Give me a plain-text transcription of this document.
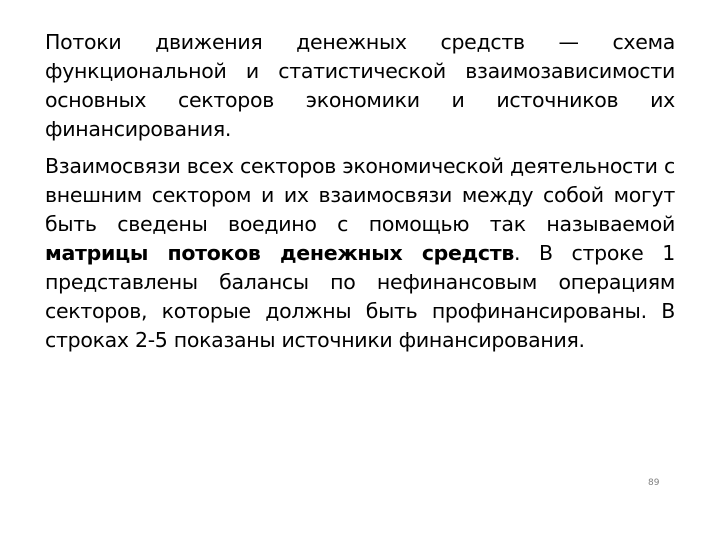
Потоки движения денежных средств — схема функциональной и статистической взаимозависимости основных секторов экономики и источников их финансирования.

Взаимосвязи всех секторов экономической деятельности с внешним сектором и их взаимосвязи между собой могут быть сведены воедино с помощью так называемой матрицы потоков денежных средств. В строке 1 представлены балансы по нефинансовым операциям секторов, которые должны быть профинансированы. В строках 2-5 показаны источники финансирования.

89
